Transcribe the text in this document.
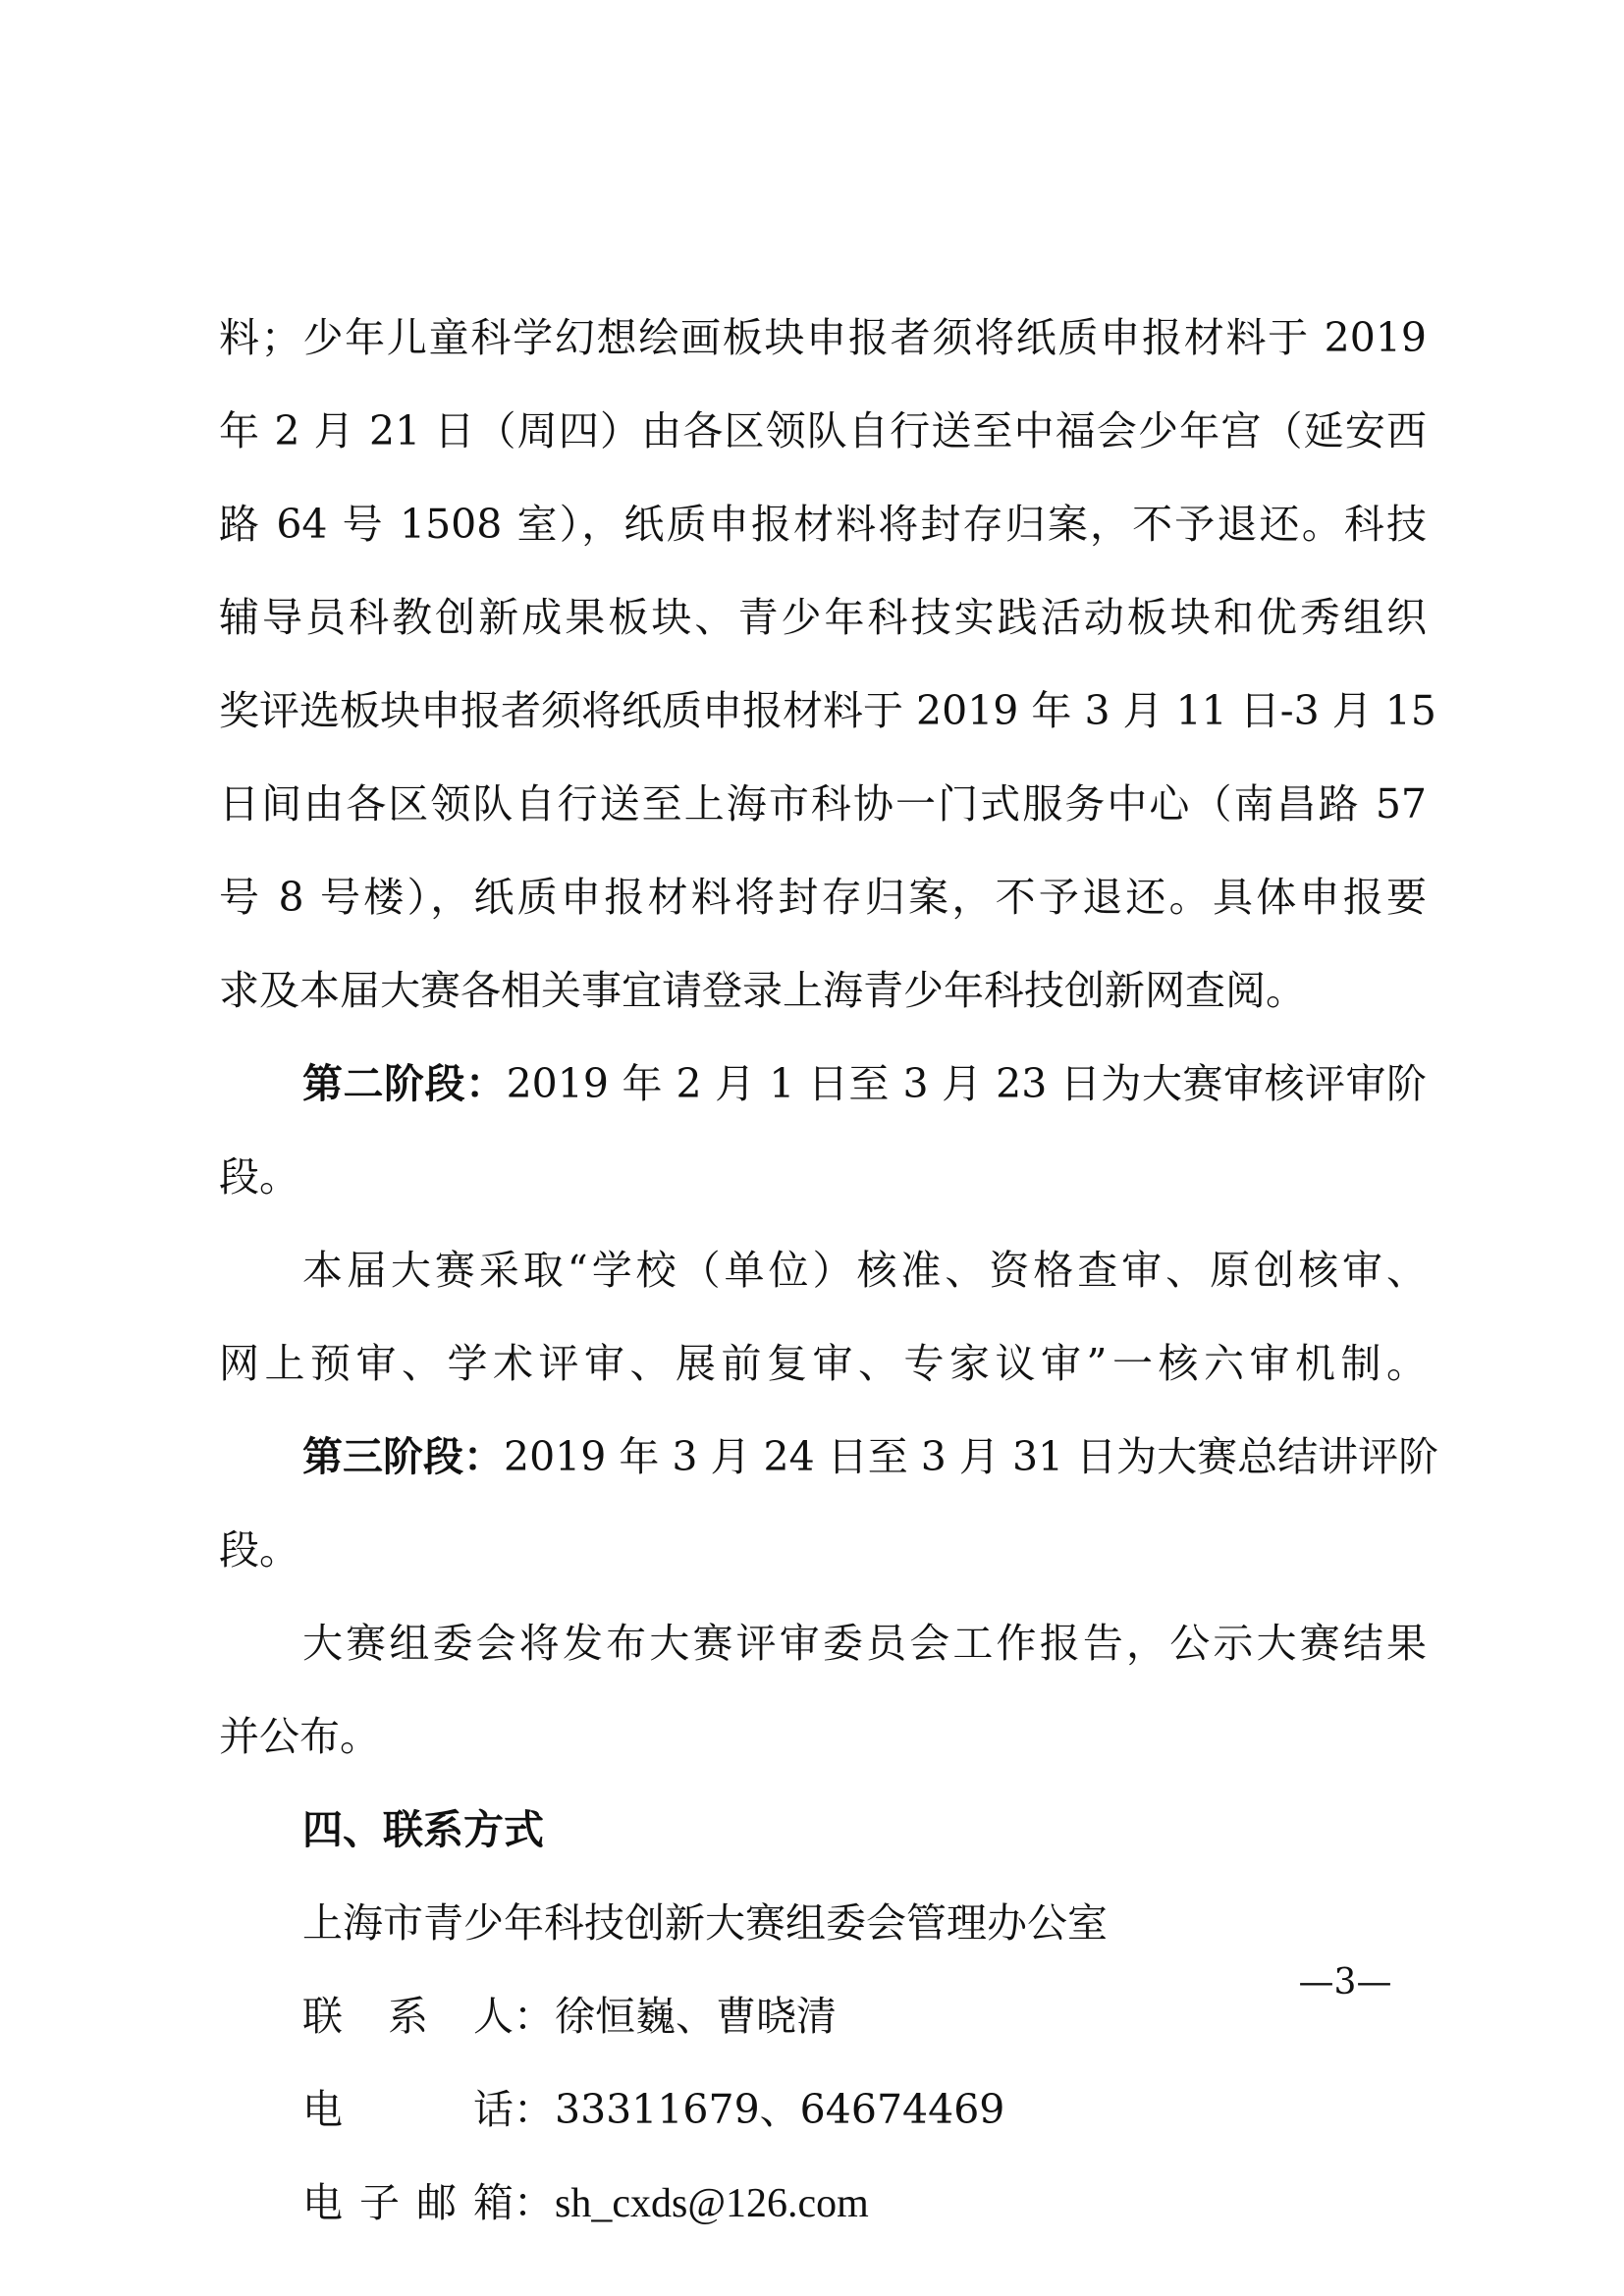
料；少年儿童科学幻想绘画板块申报者须将纸质申报材料于 2019
年 2 月 21 日（周四）由各区领队自行送至中福会少年宫（延安西
路 64 号 1508 室），纸质申报材料将封存归案，不予退还。科技
辅导员科教创新成果板块、青少年科技实践活动板块和优秀组织
奖评选板块申报者须将纸质申报材料于 2019 年 3 月 11 日-3 月 15
日间由各区领队自行送至上海市科协一门式服务中心（南昌路 57
号 8 号楼），纸质申报材料将封存归案，不予退还。具体申报要
求及本届大赛各相关事宜请登录上海青少年科技创新网查阅。
第二阶段：2019 年 2 月 1 日至 3 月 23 日为大赛审核评审阶
段。
本届大赛采取“学校（单位）核准、资格查审、原创核审、
网上预审、学术评审、展前复审、专家议审”一核六审机制。
第三阶段：2019 年 3 月 24 日至 3 月 31 日为大赛总结讲评阶
段。
大赛组委会将发布大赛评审委员会工作报告，公示大赛结果
并公布。
四、联系方式
上海市青少年科技创新大赛组委会管理办公室
联 系 人：徐恒巍、曹晓清
电 话：33311679、64674469
电子邮箱：sh_cxds@126.com
—3—
